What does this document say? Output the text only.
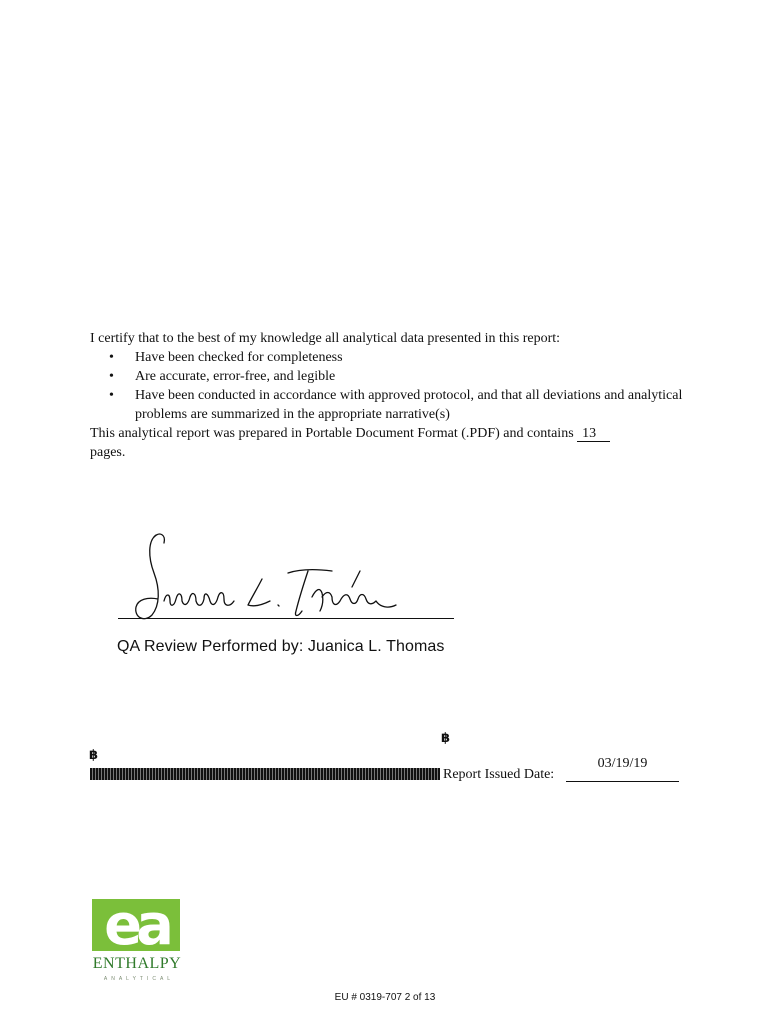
I certify that to the best of my knowledge all analytical data presented in this report:
• Have been checked for completeness
• Are accurate, error-free, and legible
• Have been conducted in accordance with approved protocol, and that all deviations and analytical problems are summarized in the appropriate narrative(s)
This analytical report was prepared in Portable Document Format (.PDF) and contains 13
pages.
QA Review Performed by: Juanica L. Thomas
฿
฿
Report Issued Date:
03/19/19
ea
ENTHALPY
ANALYTICAL
EU # 0319-707 2 of 13
